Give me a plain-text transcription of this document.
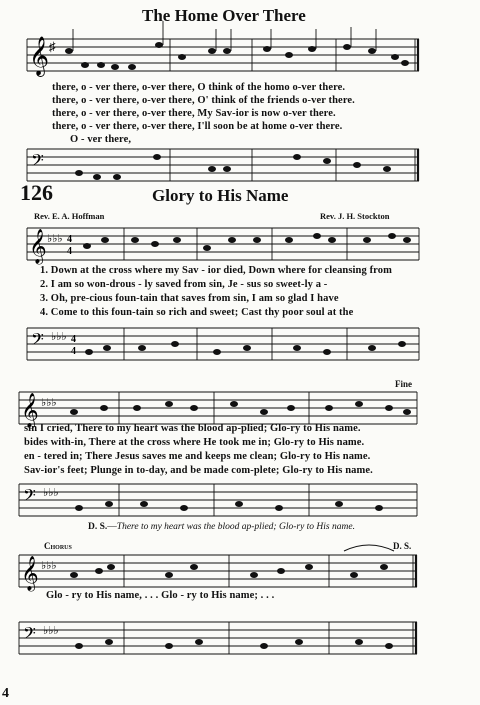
The Home Over There
𝄞 ♯
there, o - ver there, o-ver there, O think of the homo o-ver there.
there, o - ver there, o-ver there, O' think of the friends o-ver there.
there, o - ver there, o-ver there, My Sav-ior is now o-ver there.
there, o - ver there, o-ver there, I'll soon be at home o-ver there.
O - ver there,
𝄢
126	Glory to His Name
Rev. E. A. Hoffman	Rev. J. H. Stockton
𝄞 ♭♭♭ 4
4
1. Down at the cross where my Sav - ior died, Down where for cleansing from
2. I am so won-drous - ly saved from sin, Je - sus so sweet-ly a -
3. Oh, pre-cious foun-tain that saves from sin, I am so glad I have
4. Come to this foun-tain so rich and sweet; Cast thy poor soul at the
𝄢 ♭♭♭ 4
4
Fine
𝄞 ♭♭♭
sin I cried, There to my heart was the blood ap-plied; Glo-ry to His name.
bides with-in, There at the cross where He took me in; Glo-ry to His name.
en - tered in; There Jesus saves me and keeps me clean; Glo-ry to His name.
Sav-ior's feet; Plunge in to-day, and be made com-plete; Glo-ry to His name.
𝄢 ♭♭♭
D. S.—There to my heart was the blood ap-plied; Glo-ry to His name.
Chorus	D. S.
𝄞 ♭♭♭
Glo - ry to His name, . . . Glo - ry to His name; . . .
𝄢 ♭♭♭
4
